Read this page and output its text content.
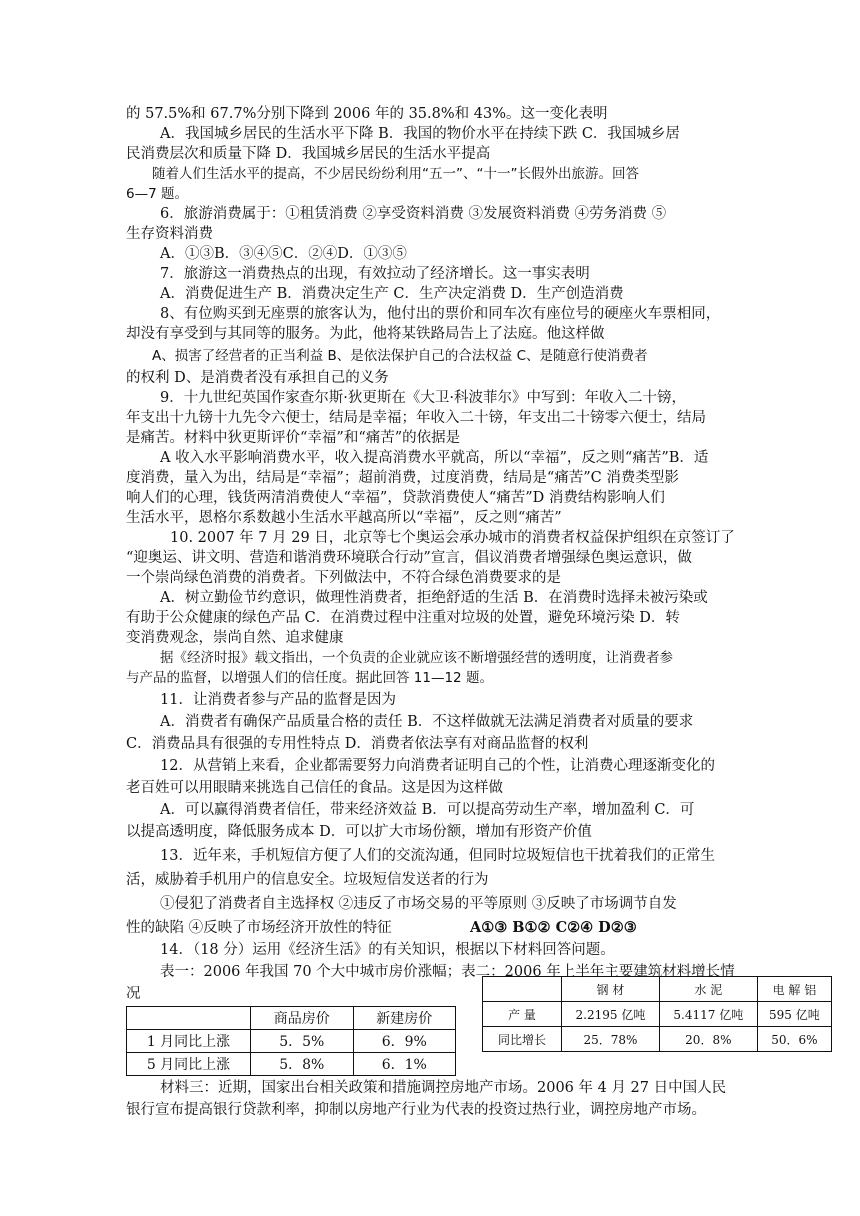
的 57.5%和 67.7%分别下降到 2006 年的 35.8%和 43%。这一变化表明
A．我国城乡居民的生活水平下降 B．我国的物价水平在持续下跌 C．我国城乡居
民消费层次和质量下降 D．我国城乡居民的生活水平提高
随着人们生活水平的提高，不少居民纷纷利用“五一”、“十一”长假外出旅游。回答
6—7 题。
6．旅游消费属于：①租赁消费 ②享受资料消费 ③发展资料消费 ④劳务消费 ⑤
生存资料消费
A．①③B．③④⑤C．②④D．①③⑤
7．旅游这一消费热点的出现，有效拉动了经济增长。这一事实表明
A．消费促进生产 B．消费决定生产 C．生产决定消费 D．生产创造消费
8、有位购买到无座票的旅客认为，他付出的票价和同车次有座位号的硬座火车票相同，
却没有享受到与其同等的服务。为此，他将某铁路局告上了法庭。他这样做
A、损害了经营者的正当利益 B、是依法保护自己的合法权益 C、是随意行使消费者
的权利 D、是消费者没有承担自己的义务
9．十九世纪英国作家查尔斯·狄更斯在《大卫·科波菲尔》中写到：年收入二十镑，
年支出十九镑十九先令六便士，结局是幸福；年收入二十镑，年支出二十镑零六便士，结局
是痛苦。材料中狄更斯评价“幸福”和“痛苦”的依据是
A 收入水平影响消费水平，收入提高消费水平就高，所以“幸福”，反之则“痛苦”B．适
度消费，量入为出，结局是“幸福”；超前消费，过度消费，结局是“痛苦”C 消费类型影
响人们的心理，钱货两清消费使人“幸福”，贷款消费使人“痛苦”D 消费结构影响人们
生活水平，恩格尔系数越小生活水平越高所以“幸福”，反之则“痛苦”
10. 2007 年 7 月 29 日，北京等七个奥运会承办城市的消费者权益保护组织在京签订了
“迎奥运、讲文明、营造和谐消费环境联合行动”宣言，倡议消费者增强绿色奥运意识，做
一个崇尚绿色消费的消费者。下列做法中，不符合绿色消费要求的是
A．树立勤俭节约意识，做理性消费者，拒绝舒适的生活 B．在消费时选择未被污染或
有助于公众健康的绿色产品 C．在消费过程中注重对垃圾的处置，避免环境污染 D．转
变消费观念，崇尚自然、追求健康
据《经济时报》载文指出，一个负责的企业就应该不断增强经营的透明度，让消费者参
与产品的监督，以增强人们的信任度。据此回答 11—12 题。
11．让消费者参与产品的监督是因为
A．消费者有确保产品质量合格的责任 B．不这样做就无法满足消费者对质量的要求
C．消费品具有很强的专用性特点 D．消费者依法享有对商品监督的权利
12．从营销上来看，企业都需要努力向消费者证明自己的个性，让消费心理逐渐变化的
老百姓可以用眼睛来挑选自己信任的食品。这是因为这样做
A．可以赢得消费者信任，带来经济效益 B．可以提高劳动生产率，增加盈利 C．可
以提高透明度，降低服务成本 D．可以扩大市场份额，增加有形资产价值
13．近年来，手机短信方便了人们的交流沟通，但同时垃圾短信也干扰着我们的正常生
活，威胁着手机用户的信息安全。垃圾短信发送者的行为
①侵犯了消费者自主选择权 ②违反了市场交易的平等原则 ③反映了市场调节自发
性的缺陷 ④反映了市场经济开放性的特征	A①③ B①② C②④ D②③
14．（18 分）运用《经济生活》的有关知识，根据以下材料回答问题。
表一：2006 年我国 70 个大中城市房价涨幅；表二：2006 年上半年主要建筑材料增长情
况
	商品房价	新建房价
1 月同比上涨	5．5%	6．9%
5 月同比上涨	5．8%	6．1%
	钢 材	水 泥	电 解 铝
产 量	2.2195 亿吨	5.4117 亿吨	595 亿吨
同比增长	25．78%	20．8%	50．6%
材料三：近期，国家出台相关政策和措施调控房地产市场。2006 年 4 月 27 日中国人民
银行宣布提高银行贷款利率，抑制以房地产行业为代表的投资过热行业，调控房地产市场。
